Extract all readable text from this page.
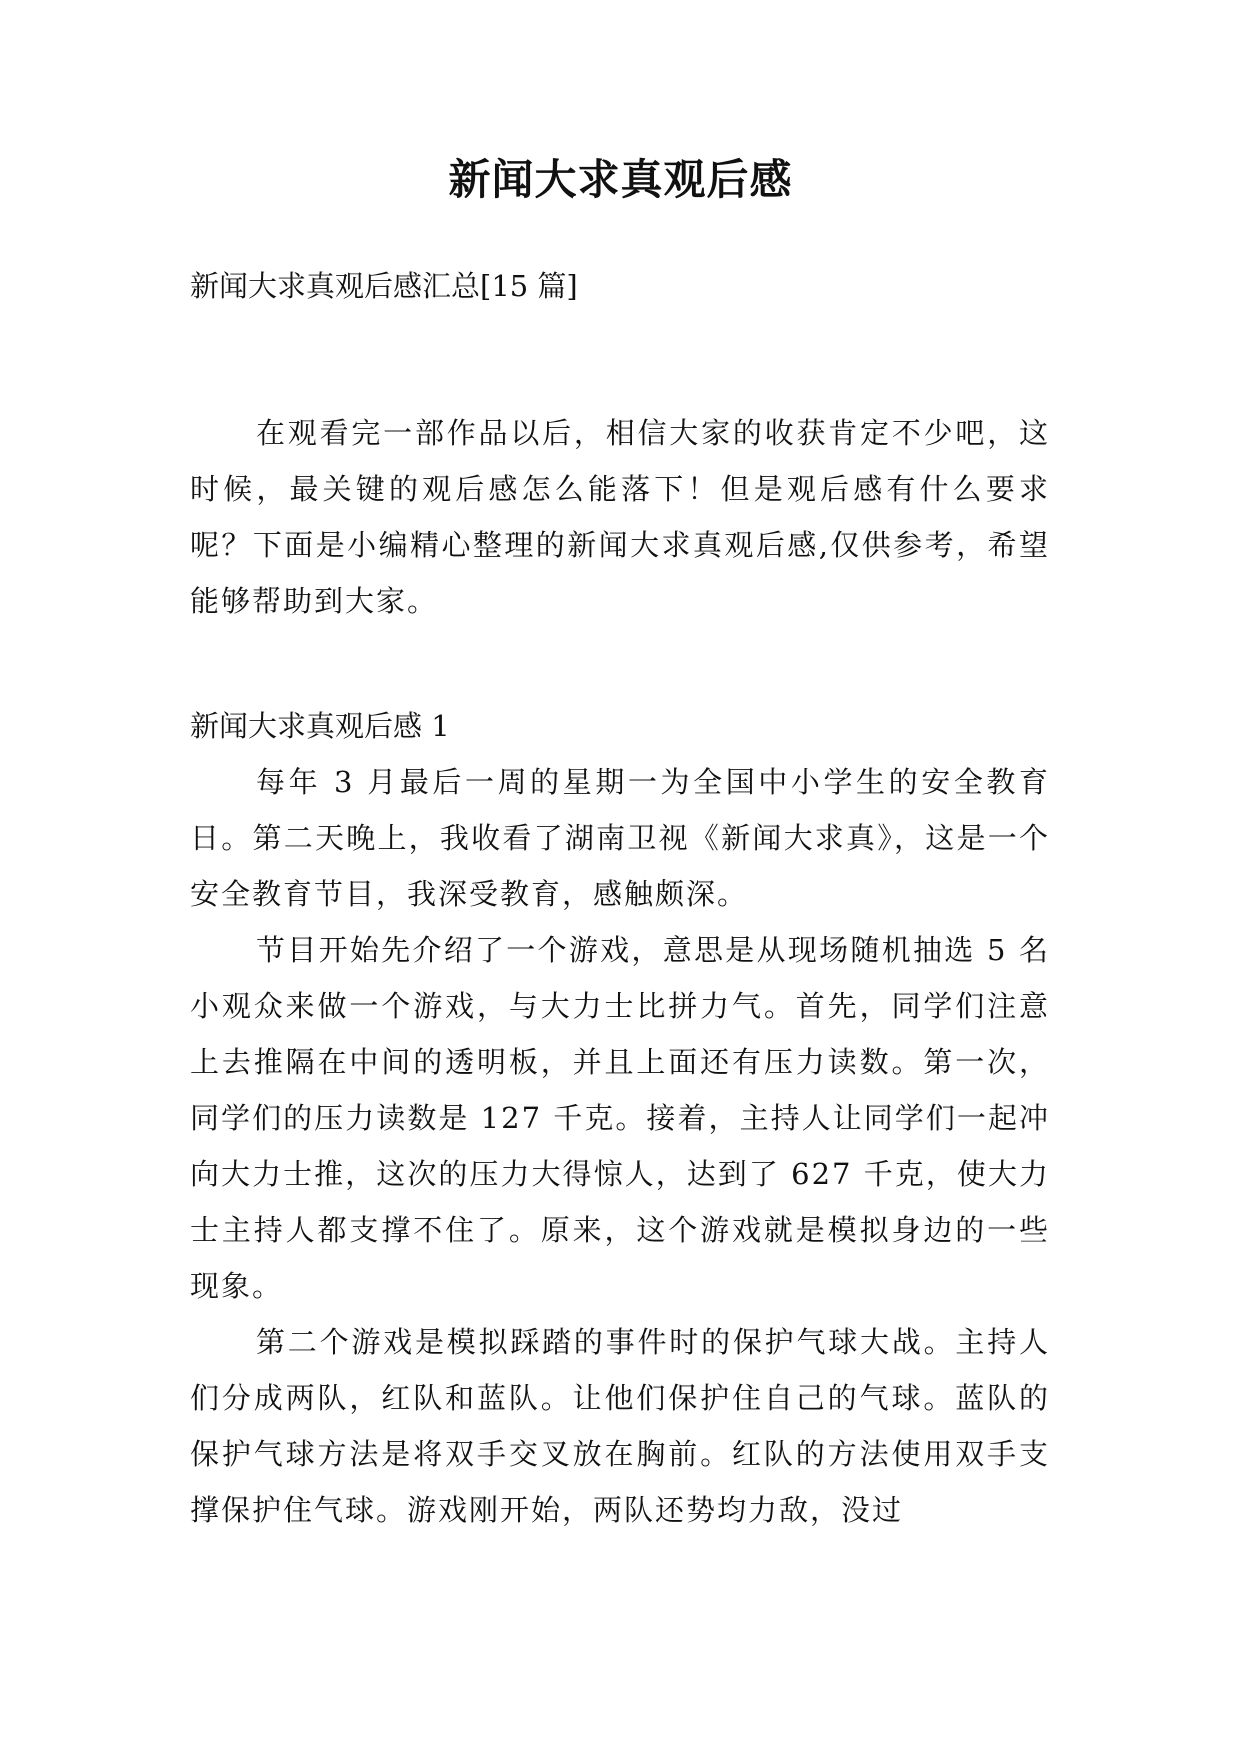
新闻大求真观后感
新闻大求真观后感汇总[15 篇]

在观看完一部作品以后，相信大家的收获肯定不少吧，这时候，最关键的观后感怎么能落下！但是观后感有什么要求呢？下面是小编精心整理的新闻大求真观后感,仅供参考，希望能够帮助到大家。

新闻大求真观后感 1

每年 3 月最后一周的星期一为全国中小学生的安全教育日。第二天晚上，我收看了湖南卫视《新闻大求真》，这是一个安全教育节目，我深受教育，感触颇深。

节目开始先介绍了一个游戏，意思是从现场随机抽选 5 名小观众来做一个游戏，与大力士比拼力气。首先，同学们注意上去推隔在中间的透明板，并且上面还有压力读数。第一次，同学们的压力读数是 127 千克。接着，主持人让同学们一起冲向大力士推，这次的压力大得惊人，达到了 627 千克，使大力士主持人都支撑不住了。原来，这个游戏就是模拟身边的一些现象。

第二个游戏是模拟踩踏的事件时的保护气球大战。主持人们分成两队，红队和蓝队。让他们保护住自己的气球。蓝队的保护气球方法是将双手交叉放在胸前。红队的方法使用双手支撑保护住气球。游戏刚开始，两队还势均力敌，没过
